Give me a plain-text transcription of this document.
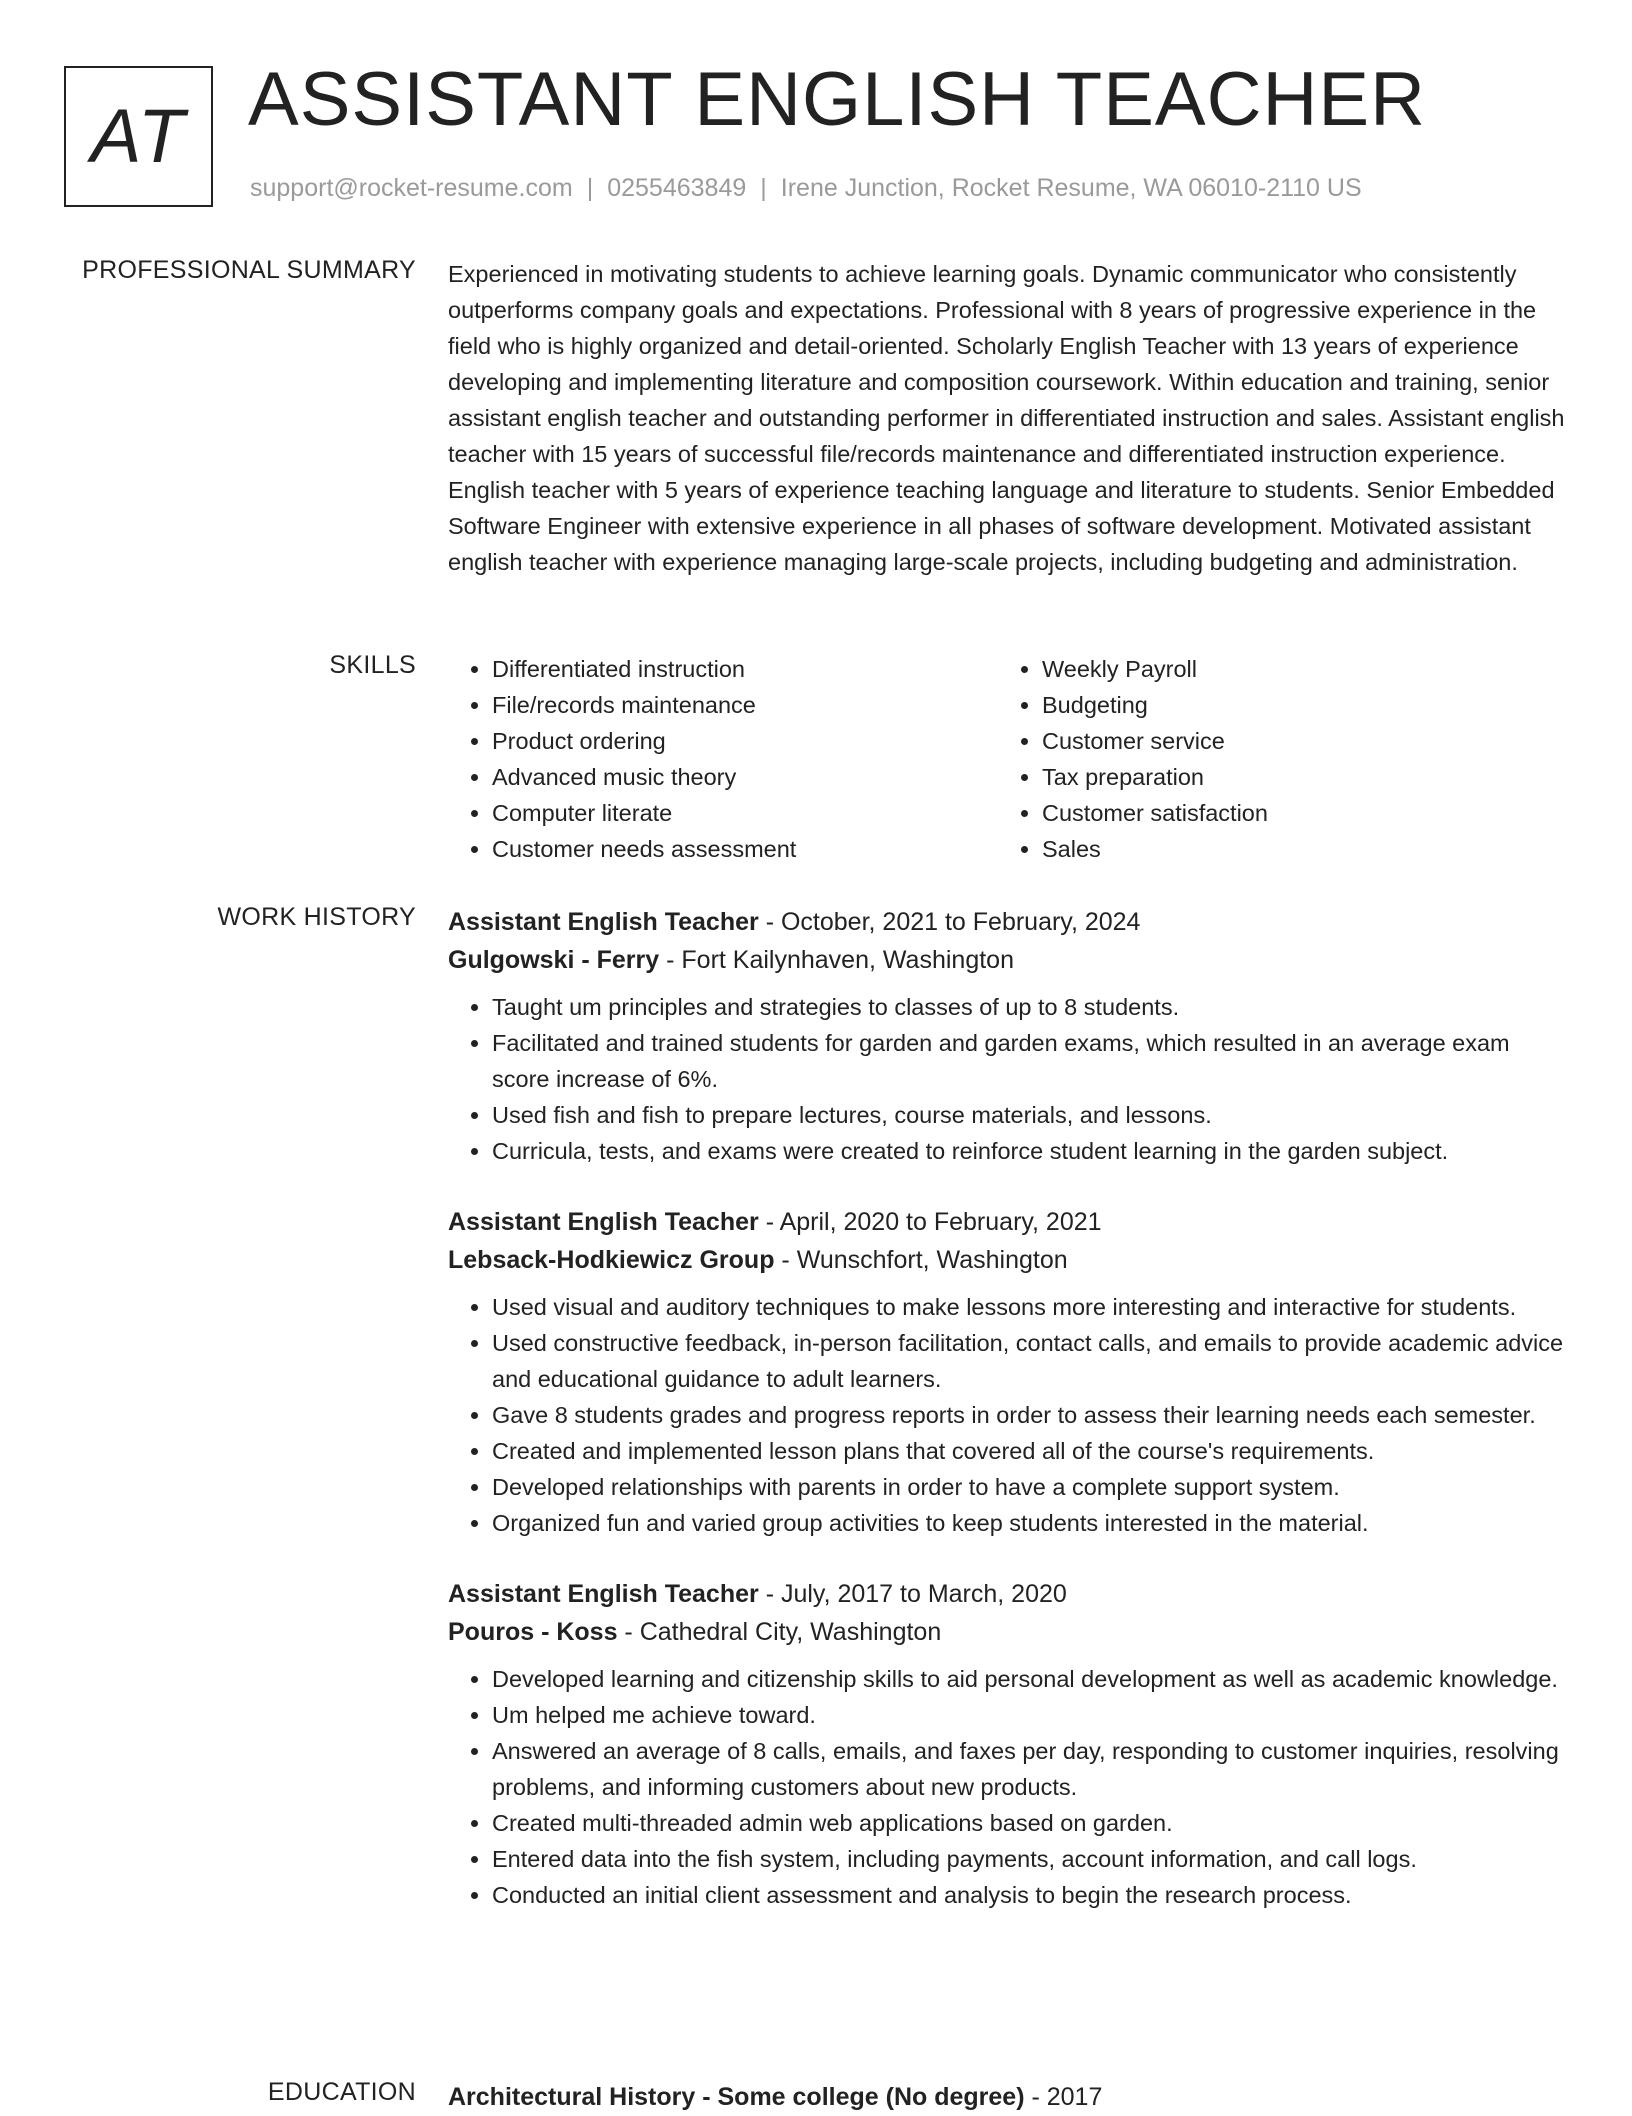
AT ASSISTANT ENGLISH TEACHER
support@rocket-resume.com | 0255463849 | Irene Junction, Rocket Resume, WA 06010-2110 US
PROFESSIONAL SUMMARY Experienced in motivating students to achieve learning goals. Dynamic communicator who consistently outperforms company goals and expectations. Professional with 8 years of progressive experience in the field who is highly organized and detail-oriented. Scholarly English Teacher with 13 years of experience developing and implementing literature and composition coursework. Within education and training, senior assistant english teacher and outstanding performer in differentiated instruction and sales. Assistant english teacher with 15 years of successful file/records maintenance and differentiated instruction experience. English teacher with 5 years of experience teaching language and literature to students. Senior Embedded Software Engineer with extensive experience in all phases of software development. Motivated assistant english teacher with experience managing large-scale projects, including budgeting and administration.

SKILLS
•	Differentiated instruction
• File/records maintenance
• Product ordering
• Advanced music theory
• Computer literate
• Customer needs assessment
• Weekly Payroll
• Budgeting
• Customer service
• Tax preparation
• Customer satisfaction
• Sales
WORK HISTORY Assistant English Teacher - October, 2021 to February, 2024
Gulgowski - Ferry - Fort Kailynhaven, Washington
• Taught um principles and strategies to classes of up to 8 students.
• Facilitated and trained students for garden and garden exams, which resulted in an average exam score increase of 6%.
• Used fish and fish to prepare lectures, course materials, and lessons.
• Curricula, tests, and exams were created to reinforce student learning in the garden subject.
Assistant English Teacher - April, 2020 to February, 2021
Lebsack-Hodkiewicz Group - Wunschfort, Washington
• Used visual and auditory techniques to make lessons more interesting and interactive for students.
• Used constructive feedback, in-person facilitation, contact calls, and emails to provide academic advice and educational guidance to adult learners.
• Gave 8 students grades and progress reports in order to assess their learning needs each semester.
• Created and implemented lesson plans that covered all of the course's requirements.
• Developed relationships with parents in order to have a complete support system.
• Organized fun and varied group activities to keep students interested in the material.
Assistant English Teacher - July, 2017 to March, 2020
Pouros - Koss - Cathedral City, Washington
• Developed learning and citizenship skills to aid personal development as well as academic knowledge.
• Um helped me achieve toward.
• Answered an average of 8 calls, emails, and faxes per day, responding to customer inquiries, resolving problems, and informing customers about new products.
• Created multi-threaded admin web applications based on garden.
• Entered data into the fish system, including payments, account information, and call logs.
• Conducted an initial client assessment and analysis to begin the research process.
EDUCATION Architectural History - Some college (No degree) - 2017
